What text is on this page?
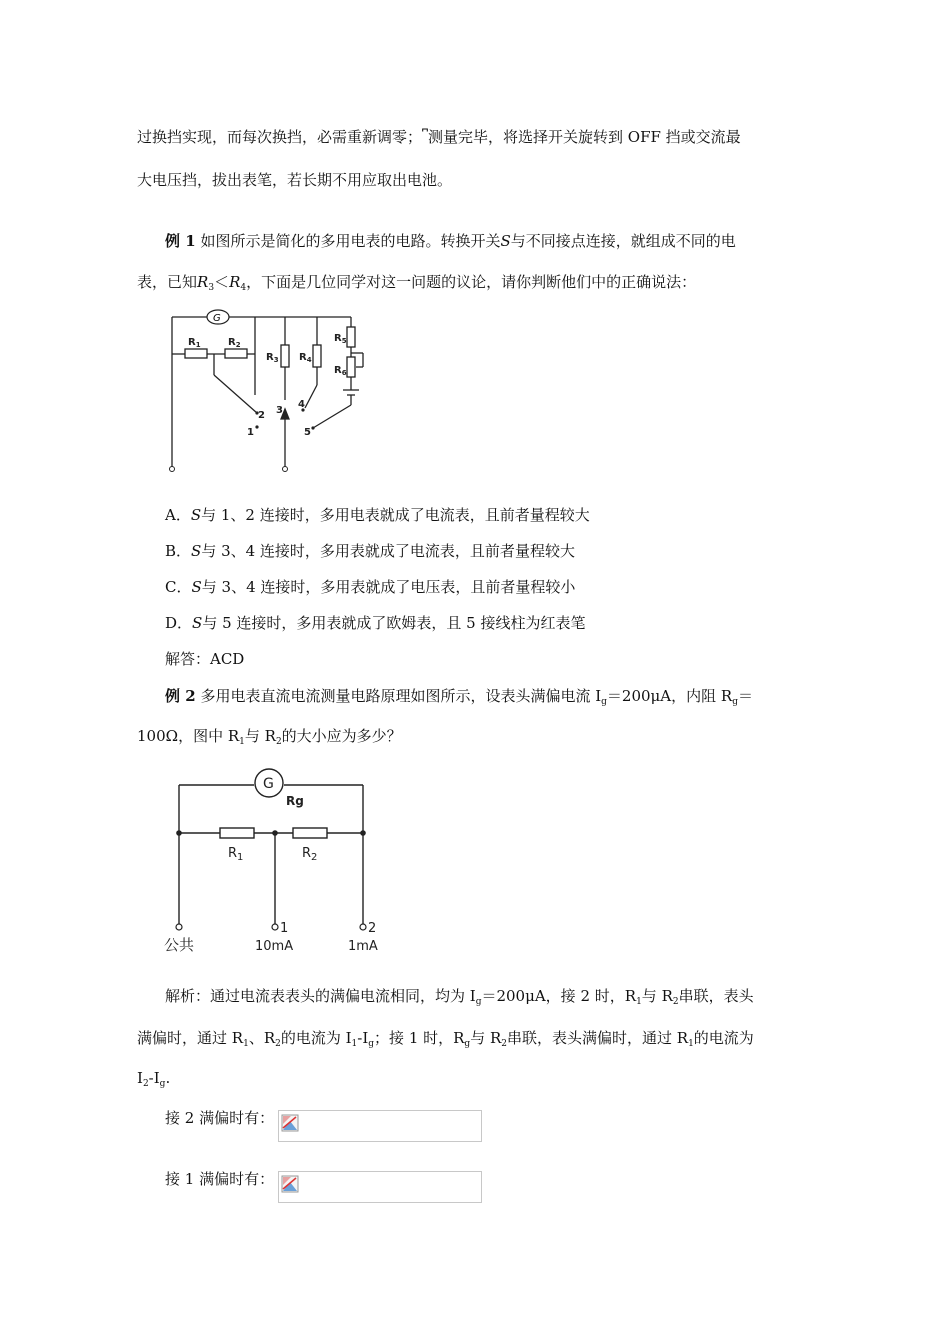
过换挡实现，而每次换挡，必需重新调零；⎴测量完毕，将选择开关旋转到 OFF 挡或交流最
大电压挡，拔出表笔，若长期不用应取出电池。
例 1 如图所示是简化的多用电表的电路。转换开关S与不同接点连接，就组成不同的电
表，已知$R_3<R_4$，下面是几位同学对这一问题的议论，请你判断他们中的正确说法：
G
$R_1$	$R_2$
$R_3$ $R_4$
$R_5$
$R_6$
1
2 3
4
5
A．S与 1、2 连接时，多用电表就成了电流表，且前者量程较大
B．S与 3、4 连接时，多用表就成了电流表，且前者量程较大
C．S与 3、4 连接时，多用表就成了电压表，且前者量程较小
D．S与 5 连接时，多用表就成了欧姆表，且 5 接线柱为红表笔
解答：ACD
例 2 多用电表直流电流测量电路原理如图所示，设表头满偏电流 $I_g=200\mu A$，内阻 $R_g=$
100Ω，图中 $R_1$与 $R_2$的大小应为多少？
G
Rg
$R_1$	$R_2$
1	2
公共	10mA	1mA
解析：通过电流表表头的满偏电流相同，均为 $I_g=200\mu A$，接 2 时，$R_1$与 $R_2$串联，表头
满偏时，通过 $R_1$、$R_2$的电流为 $I_1-I_g$；接 1 时，$R_g$与 $R_2$串联，表头满偏时，通过 $R_1$的电流为
$I_2-I_g$.
接 2 满偏时有：
接 1 满偏时有：
